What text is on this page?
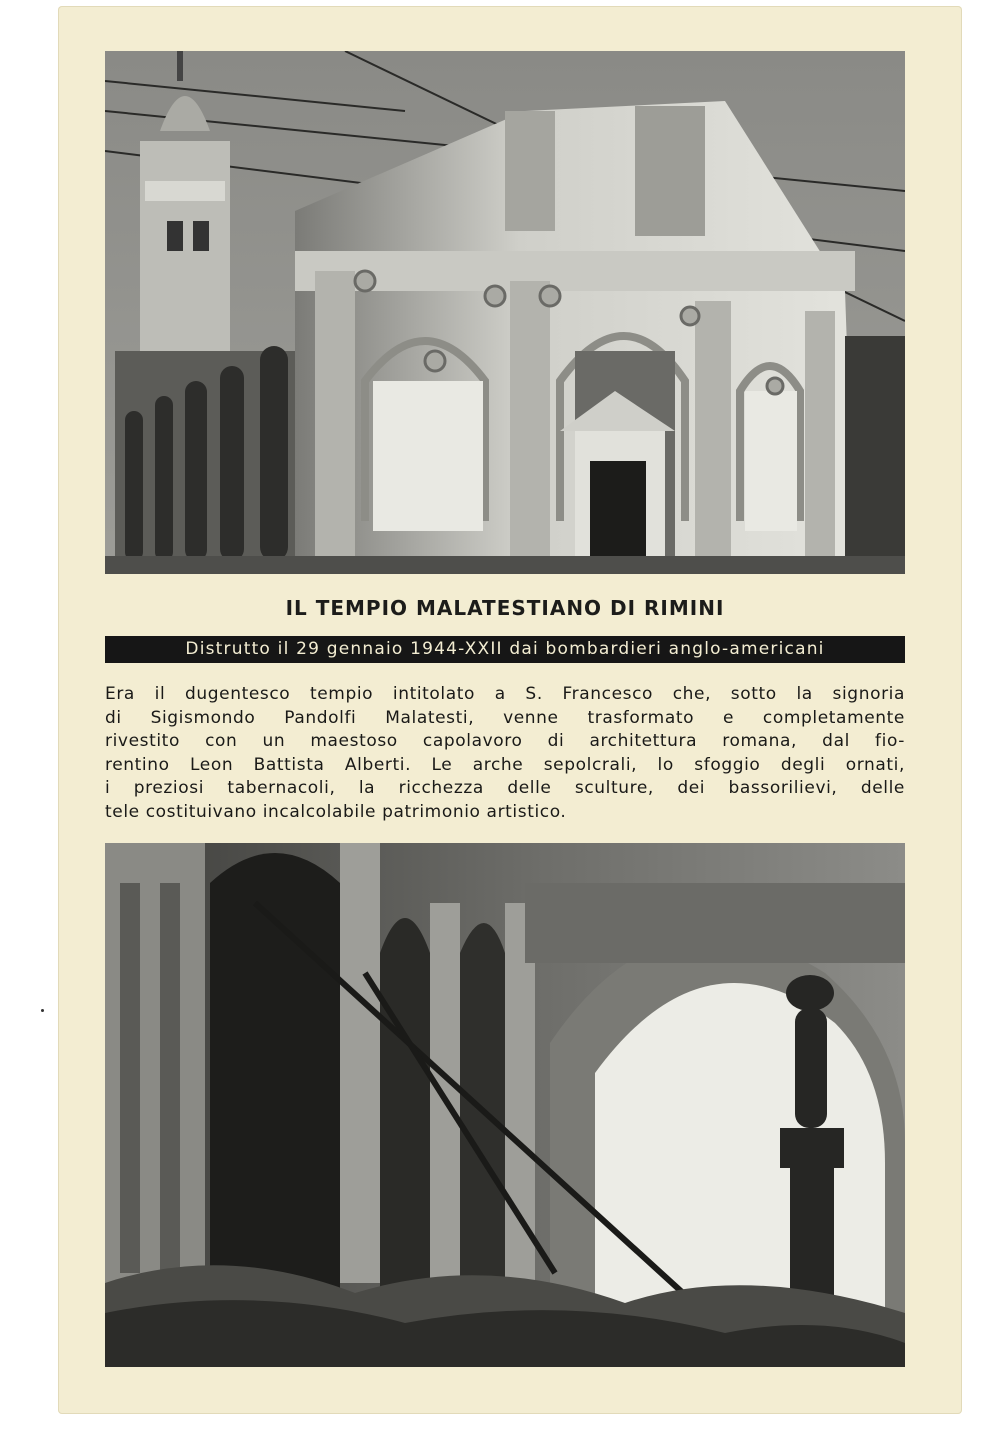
IL TEMPIO MALATESTIANO DI RIMINI
Distrutto il 29 gennaio 1944-XXII dai bombardieri anglo-americani
Era il dugentesco tempio intitolato a S. Francesco che, sotto la signoria
di Sigismondo Pandolfi Malatesti, venne trasformato e completamente
rivestito con un maestoso capolavoro di architettura romana, dal fio-
rentino Leon Battista Alberti. Le arche sepolcrali, lo sfoggio degli ornati,
i preziosi tabernacoli, la ricchezza delle sculture, dei bassorilievi, delle
tele costituivano incalcolabile patrimonio artistico.
